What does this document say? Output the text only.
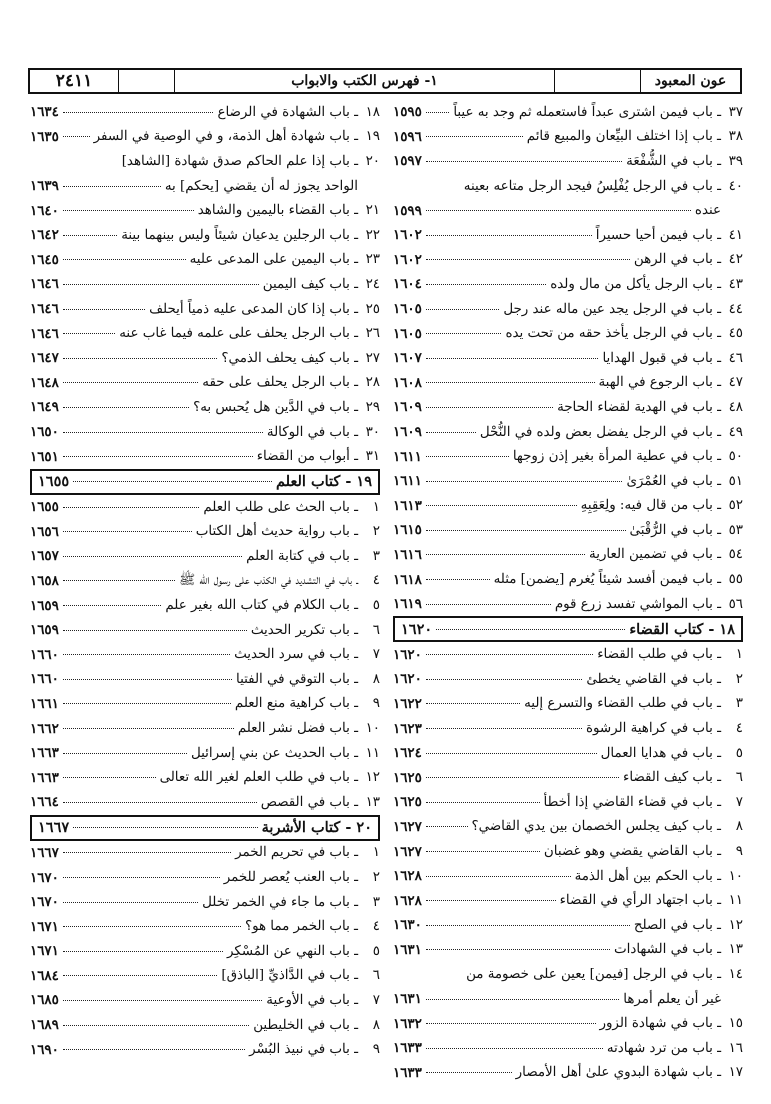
عون المعبود
١- فهرس الكتب والابواب
٢٤١١
٣٧
ـ باب فيمن اشترى عبداً فاستعمله ثم وجد به عيباً
١٥٩٥
٣٨
ـ باب إذا اختلف البيِّعان والمبيع قائم
١٥٩٦
٣٩
ـ باب في الشُّفْعَة
١٥٩٧
٤٠
ـ باب في الرجل يُفْلِسُ فيجد الرجل متاعه بعينه
عنده
١٥٩٩
٤١
ـ باب فيمن أحيا حسيراً
١٦٠٢
٤٢
ـ باب في الرهن
١٦٠٢
٤٣
ـ باب الرجل يأكل من مال ولده
١٦٠٤
٤٤
ـ باب في الرجل يجد عين ماله عند رجل
١٦٠٥
٤٥
ـ باب في الرجل يأخذ حقه من تحت يده
١٦٠٥
٤٦
ـ باب في قبول الهدايا
١٦٠٧
٤٧
ـ باب الرجوع في الهبة
١٦٠٨
٤٨
ـ باب في الهدية لقضاء الحاجة
١٦٠٩
٤٩
ـ باب في الرجل يفضل بعض ولده في النُّحْل
١٦٠٩
٥٠
ـ باب في عطية المرأة بغير إذن زوجها
١٦١١
٥١
ـ باب في العُمْرَىٰ
١٦١١
٥٢
ـ باب من قال فيه: ولِعَقِبِهِ
١٦١٣
٥٣
ـ باب في الرُّقْبَىٰ
١٦١٥
٥٤
ـ باب في تضمين العارية
١٦١٦
٥٥
ـ باب فيمن أفسد شيئاً يُغرم [يضمن] مثله
١٦١٨
٥٦
ـ باب المواشي تفسد زرع قوم
١٦١٩
١٨ - كتاب القضاء
١٦٢٠
١
ـ باب في طلب القضاء
١٦٢٠
٢
ـ باب في القاضي يخطئ
١٦٢٠
٣
ـ باب في طلب القضاء والتسرع إليه
١٦٢٢
٤
ـ باب في كراهية الرشوة
١٦٢٣
٥
ـ باب في هدايا العمال
١٦٢٤
٦
ـ باب كيف القضاء
١٦٢٥
٧
ـ باب في قضاء القاضي إذا أخطأ
١٦٢٥
٨
ـ باب كيف يجلس الخصمان بين يدي القاضي؟
١٦٢٧
٩
ـ باب القاضي يقضي وهو غضبان
١٦٢٧
١٠
ـ باب الحكم بين أهل الذمة
١٦٢٨
١١
ـ باب اجتهاد الرأي في القضاء
١٦٢٨
١٢
ـ باب في الصلح
١٦٣٠
١٣
ـ باب في الشهادات
١٦٣١
١٤
ـ باب في الرجل [فيمن] يعين على خصومة من
غير أن يعلم أمرها
١٦٣١
١٥
ـ باب في شهادة الزور
١٦٣٢
١٦
ـ باب من ترد شهادته
١٦٣٣
١٧
ـ باب شهادة البدوي علىٰ أهل الأمصار
١٦٣٣
١٨
ـ باب الشهادة في الرضاع
١٦٣٤
١٩
ـ باب شهادة أهل الذمة، و في الوصية في السفر
١٦٣٥
٢٠
ـ باب إذا علم الحاكم صدق شهادة [الشاهد]
الواحد يجوز له أن يقضي [يحكم] به
١٦٣٩
٢١
ـ باب القضاء باليمين والشاهد
١٦٤٠
٢٢
ـ باب الرجلين يدعيان شيئاً وليس بينهما بينة
١٦٤٢
٢٣
ـ باب اليمين على المدعى عليه
١٦٤٥
٢٤
ـ باب كيف اليمين
١٦٤٦
٢٥
ـ باب إذا كان المدعى عليه ذمياً أيحلف
١٦٤٦
٢٦
ـ باب الرجل يحلف على علمه فيما غاب عنه
١٦٤٦
٢٧
ـ باب كيف يحلف الذمي؟
١٦٤٧
٢٨
ـ باب الرجل يحلف على حقه
١٦٤٨
٢٩
ـ باب في الدَّين هل يُحبس به؟
١٦٤٩
٣٠
ـ باب في الوكالة
١٦٥٠
٣١
ـ أبواب من القضاء
١٦٥١
١٩ - كتاب العلم
١٦٥٥
١
ـ باب الحث على طلب العلم
١٦٥٥
٢
ـ باب رواية حديث أهل الكتاب
١٦٥٦
٣
ـ باب في كتابة العلم
١٦٥٧
٤
ـ باب في التشديد في الكذب على رسول الله ﷺ
١٦٥٨
٥
ـ باب الكلام في كتاب الله بغير علم
١٦٥٩
٦
ـ باب تكرير الحديث
١٦٥٩
٧
ـ باب في سرد الحديث
١٦٦٠
٨
ـ باب التوقي في الفتيا
١٦٦٠
٩
ـ باب كراهية منع العلم
١٦٦١
١٠
ـ باب فضل نشر العلم
١٦٦٢
١١
ـ باب الحديث عن بني إسرائيل
١٦٦٣
١٢
ـ باب في طلب العلم لغير الله تعالى
١٦٦٣
١٣
ـ باب في القصص
١٦٦٤
٢٠ - كتاب الأشربة
١٦٦٧
١
ـ باب في تحريم الخمر
١٦٦٧
٢
ـ باب العنب يُعصر للخمر
١٦٧٠
٣
ـ باب ما جاء في الخمر تخلل
١٦٧٠
٤
ـ باب الخمر مما هو؟
١٦٧١
٥
ـ باب النهي عن المُسْكِر
١٦٧١
٦
ـ باب في الدَّاذيِّ [الباذق]
١٦٨٤
٧
ـ باب في الأوعية
١٦٨٥
٨
ـ باب في الخليطين
١٦٨٩
٩
ـ باب في نبيذ البُسْر
١٦٩٠
